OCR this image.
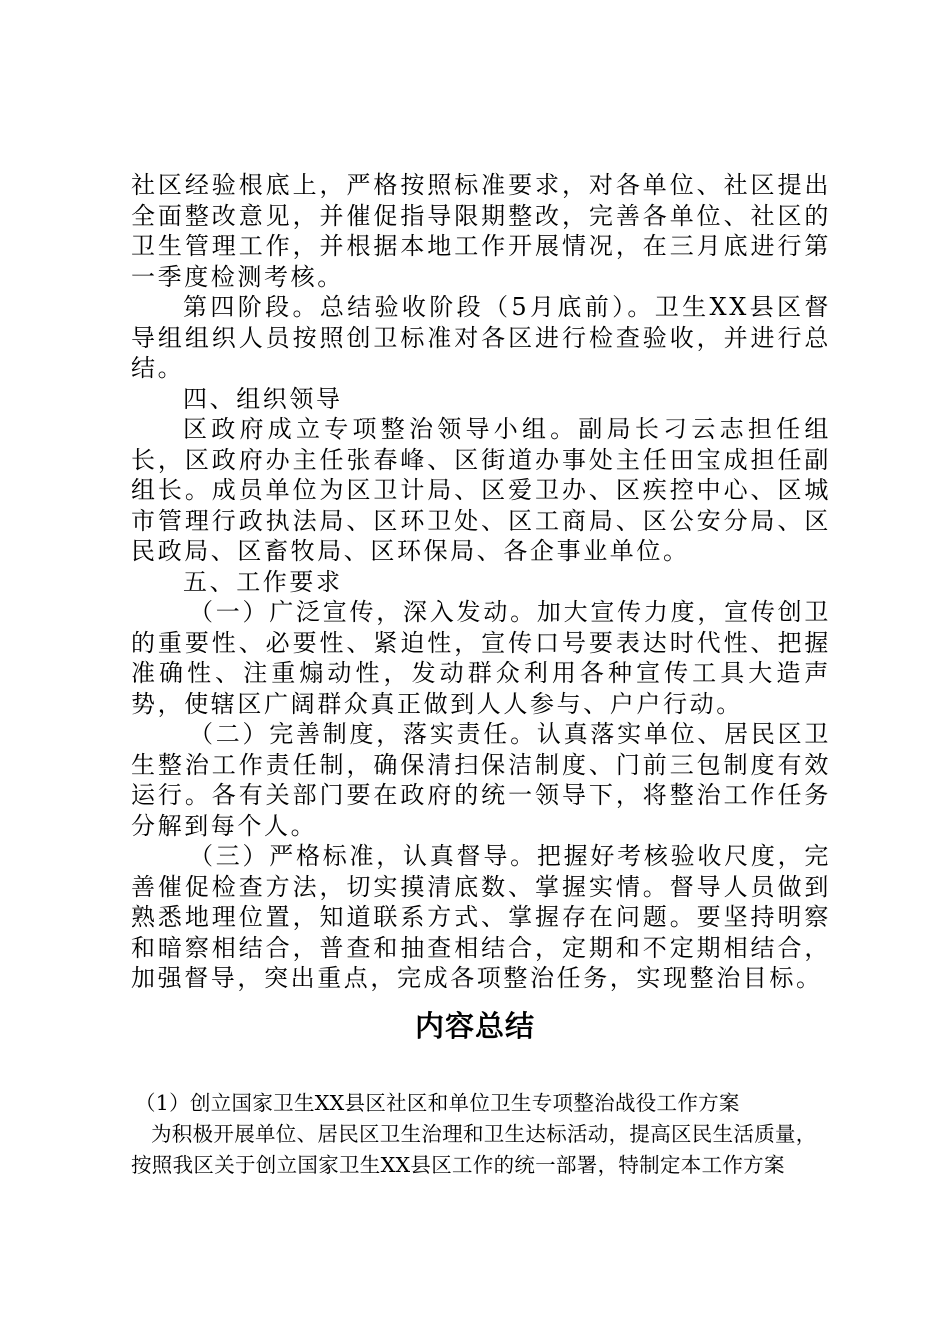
社区经验根底上，严格按照标准要求，对各单位、社区提出全面整改意见，并催促指导限期整改，完善各单位、社区的卫生管理工作，并根据本地工作开展情况，在三月底进行第一季度检测考核。

第四阶段。总结验收阶段（5月底前）。卫生XX县区督导组组织人员按照创卫标准对各区进行检查验收，并进行总结。

四、组织领导

区政府成立专项整治领导小组。副局长刁云志担任组长，区政府办主任张春峰、区街道办事处主任田宝成担任副组长。成员单位为区卫计局、区爱卫办、区疾控中心、区城市管理行政执法局、区环卫处、区工商局、区公安分局、区民政局、区畜牧局、区环保局、各企事业单位。

五、工作要求

（一）广泛宣传，深入发动。加大宣传力度，宣传创卫的重要性、必要性、紧迫性，宣传口号要表达时代性、把握准确性、注重煽动性，发动群众利用各种宣传工具大造声势，使辖区广阔群众真正做到人人参与、户户行动。

（二）完善制度，落实责任。认真落实单位、居民区卫生整治工作责任制，确保清扫保洁制度、门前三包制度有效运行。各有关部门要在政府的统一领导下，将整治工作任务分解到每个人。

（三）严格标准，认真督导。把握好考核验收尺度，完善催促检查方法，切实摸清底数、掌握实情。督导人员做到熟悉地理位置，知道联系方式、掌握存在问题。要坚持明察和暗察相结合，普查和抽查相结合，定期和不定期相结合，加强督导，突出重点，完成各项整治任务，实现整治目标。

内容总结

（1）创立国家卫生XX县区社区和单位卫生专项整治战役工作方案

为积极开展单位、居民区卫生治理和卫生达标活动，提高区民生活质量，按照我区关于创立国家卫生XX县区工作的统一部署，特制定本工作方案
